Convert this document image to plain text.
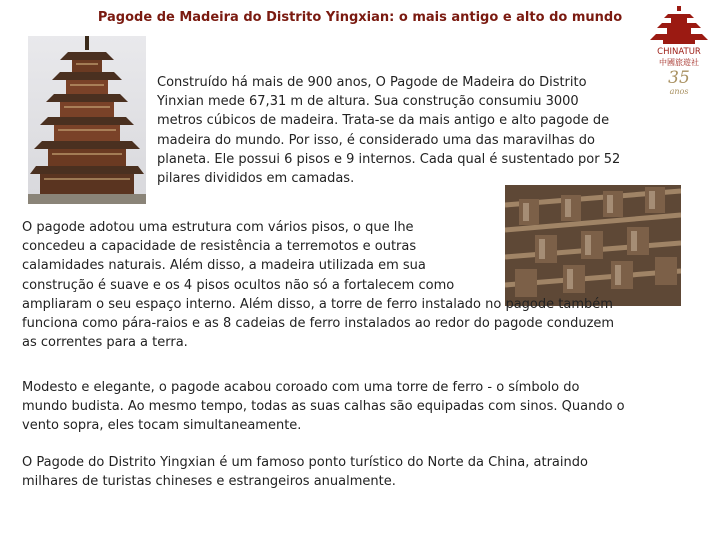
Pagode de Madeira do Distrito Yingxian: o mais antigo e alto do mundo
CHINATUR
中國旅遊社
35
anos
Construído há mais de 900 anos, O Pagode de Madeira do Distrito
Yinxian mede 67,31 m de altura. Sua construção consumiu 3000
metros cúbicos de madeira. Trata-se da mais antigo e alto pagode de
madeira do mundo. Por isso, é considerado uma das maravilhas do
planeta. Ele possui 6 pisos e 9 internos. Cada qual é sustentado por 52
pilares divididos em camadas.
O pagode adotou uma estrutura com vários pisos, o que lhe
concedeu a capacidade de resistência a terremotos e outras
calamidades naturais. Além disso, a madeira utilizada em sua
construção é suave e os 4 pisos ocultos não só a fortalecem como
ampliaram o seu espaço interno. Além disso, a torre de ferro instalado no pagode também
funciona como pára-raios e as 8 cadeias de ferro instalados ao redor do pagode conduzem
as correntes para a terra.
Modesto e elegante, o pagode acabou coroado com uma torre de ferro - o símbolo do
mundo budista. Ao mesmo tempo, todas as suas calhas são equipadas com sinos. Quando o
vento sopra, eles tocam simultaneamente.
O Pagode do Distrito Yingxian é um famoso ponto turístico do Norte da China, atraindo
milhares de turistas chineses e estrangeiros anualmente.
